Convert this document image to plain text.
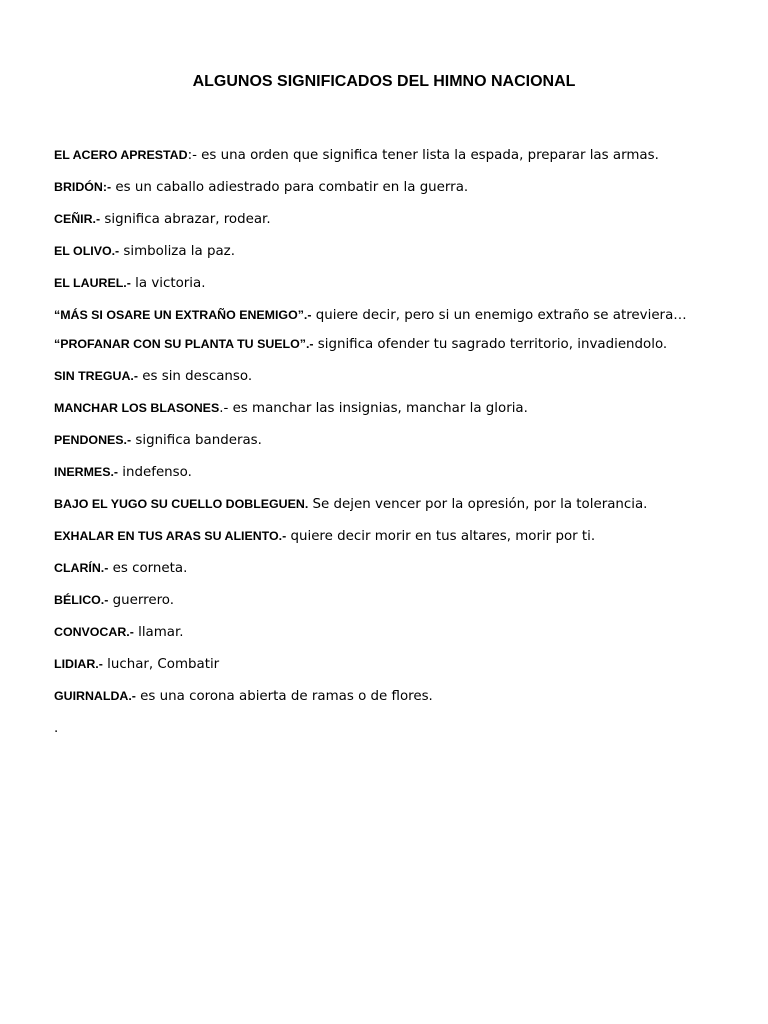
ALGUNOS SIGNIFICADOS DEL HIMNO NACIONAL

EL ACERO APRESTAD:- es una orden que significa tener lista la espada, preparar las armas.

BRIDÓN:- es un caballo adiestrado para combatir en la guerra.

CEÑIR.- significa abrazar, rodear.

EL OLIVO.- simboliza la paz.

EL LAUREL.- la victoria.

“MÁS SI OSARE UN EXTRAÑO ENEMIGO”.- quiere decir, pero si un enemigo extraño se atreviera…

“PROFANAR CON SU PLANTA TU SUELO”.- significa ofender tu sagrado territorio, invadiendolo.

SIN TREGUA.- es sin descanso.

MANCHAR LOS BLASONES.- es manchar las insignias, manchar la gloria.

PENDONES.- significa banderas.

INERMES.- indefenso.

BAJO EL YUGO SU CUELLO DOBLEGUEN. Se dejen vencer por la opresión, por la tolerancia.

EXHALAR EN TUS ARAS SU ALIENTO.- quiere decir morir en tus altares, morir por ti.

CLARÍN.- es corneta.

BÉLICO.- guerrero.

CONVOCAR.- llamar.

LIDIAR.- luchar, Combatir

GUIRNALDA.- es una corona abierta de ramas o de flores.

.
